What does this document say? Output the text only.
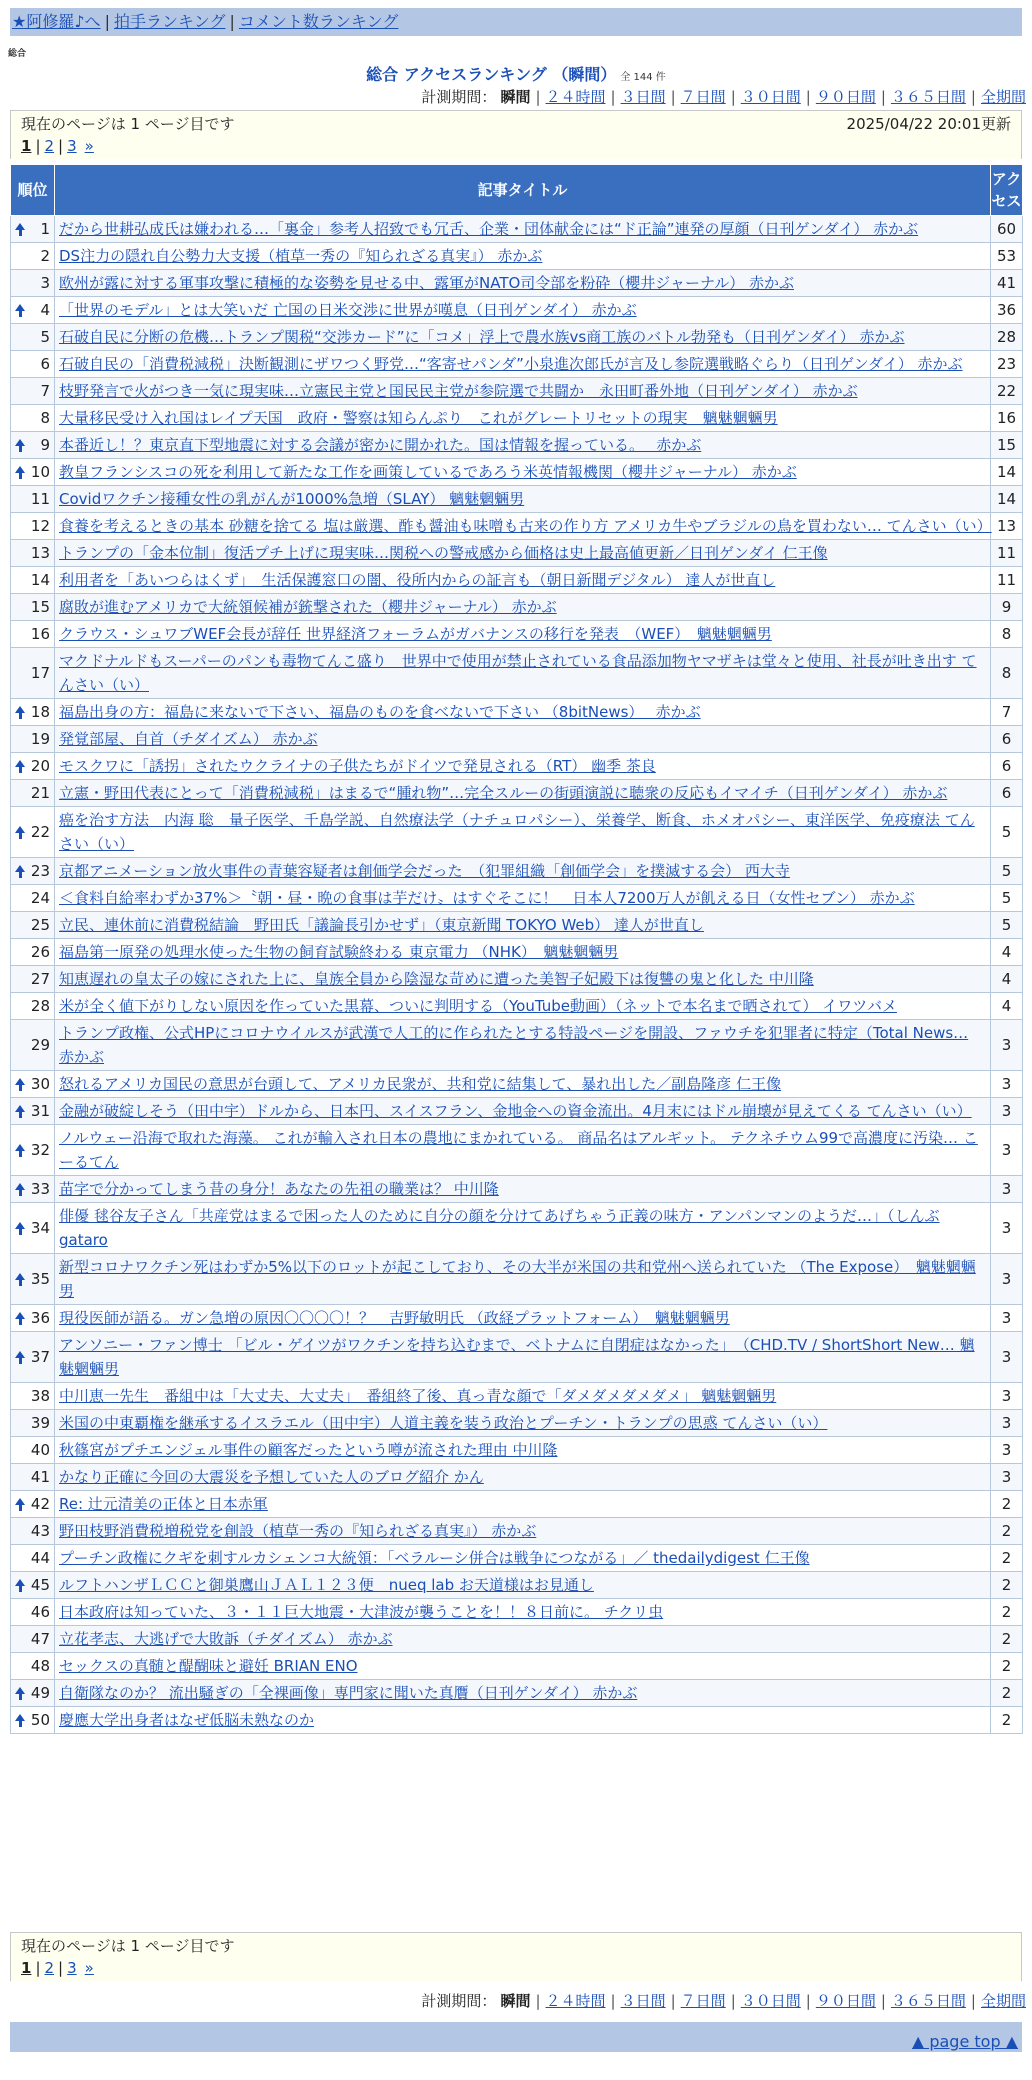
★阿修羅♪へ | 拍手ランキング | コメント数ランキング
総合
総合 アクセスランキング （瞬間） 全 144 件
計測期間： 瞬間 | ２４時間 | ３日間 | ７日間 | ３０日間 | ９０日間 | ３６５日間 | 全期間
現在のページは 1 ページ目です	2025/04/22 20:01更新
1 | 2 | 3 »
順位	記事タイトル	アクセス

1	だから世耕弘成氏は嫌われる…「裏金」参考人招致でも冗舌、企業・団体献金には“ド正論”連発の厚顔（日刊ゲンダイ） 赤かぶ	60
2	DS注力の隠れ自公勢力大支援（植草一秀の『知られざる真実』） 赤かぶ	53
3	欧州が露に対する軍事攻撃に積極的な姿勢を見せる中、露軍がNATO司令部を粉砕（櫻井ジャーナル） 赤かぶ	41

4	「世界のモデル」とは大笑いだ 亡国の日米交渉に世界が嘆息（日刊ゲンダイ） 赤かぶ	36
5	石破自民に分断の危機…トランプ関税“交渉カード”に「コメ」浮上で農水族vs商工族のバトル勃発も（日刊ゲンダイ） 赤かぶ	28
6	石破自民の「消費税減税」決断観測にザワつく野党…“客寄せパンダ”小泉進次郎氏が言及し参院選戦略ぐらり（日刊ゲンダイ） 赤かぶ	23
7	枝野発言で火がつき一気に現実味…立憲民主党と国民民主党が参院選で共闘か　永田町番外地（日刊ゲンダイ） 赤かぶ	22
8	大量移民受け入れ国はレイプ天国　政府・警察は知らんぷり　これがグレートリセットの現実　魑魅魍魎男	16

9	本番近し！？東京直下型地震に対する会議が密かに開かれた。国は情報を握っている。　 赤かぶ	15

10	教皇フランシスコの死を利用して新たな工作を画策しているであろう米英情報機関（櫻井ジャーナル） 赤かぶ	14
11	Covidワクチン接種女性の乳がんが1000%急増（SLAY） 魑魅魍魎男	14
12	食養を考えるときの基本 砂糖を捨てる 塩は厳選、酢も醤油も味噌も古来の作り方 アメリカ牛やブラジルの鳥を買わない… てんさい（い）	13
13	トランプの「金本位制」復活プチ上げに現実味…関税への警戒感から価格は史上最高値更新／日刊ゲンダイ 仁王像	11
14	利用者を「あいつらはくず」　生活保護窓口の闇、役所内からの証言も（朝日新聞デジタル） 達人が世直し	11
15	腐敗が進むアメリカで大統領候補が銃撃された（櫻井ジャーナル） 赤かぶ	9
16	クラウス・シュワブWEF会長が辞任 世界経済フォーラムがガバナンスの移行を発表　（WEF）　魑魅魍魎男	8
17	マクドナルドもスーパーのパンも毒物てんこ盛り　世界中で使用が禁止されている食品添加物ヤマザキは堂々と使用、社長が吐き出す てんさい（い）	8

18	福島出身の方：福島に来ないで下さい、福島のものを食べないで下さい （8bitNews）　 赤かぶ	7
19	発覚部屋、自首（チダイズム） 赤かぶ	6

20	モスクワに「誘拐」されたウクライナの子供たちがドイツで発見される（RT） 幽季 茶良	6
21	立憲・野田代表にとって「消費税減税」はまるで“腫れ物”…完全スルーの街頭演説に聴衆の反応もイマイチ（日刊ゲンダイ） 赤かぶ	6

22	癌を治す方法　内海 聡　量子医学、千島学説、自然療法学（ナチュロパシー）、栄養学、断食、ホメオパシー、東洋医学、免疫療法 てんさい（い）	5

23	京都アニメーション放火事件の青葉容疑者は創価学会だった　（犯罪組織「創価学会」を撲滅する会） 西大寺	5
24	＜食料自給率わずか37%＞〝朝・昼・晩の食事は芋だけ〟はすぐそこに！　日本人7200万人が飢える日（女性セブン） 赤かぶ	5
25	立民、連休前に消費税結論　野田氏「議論長引かせず」（東京新聞 TOKYO Web） 達人が世直し	5
26	福島第一原発の処理水使った生物の飼育試験終わる 東京電力 （NHK）　魑魅魍魎男	4
27	知恵遅れの皇太子の嫁にされた上に、皇族全員から陰湿な苛めに遭った美智子妃殿下は復讐の鬼と化した 中川隆	4
28	米が全く値下がりしない原因を作っていた黒幕、ついに判明する（YouTube動画）（ネットで本名まで晒されて） イワツバメ	4
29	トランプ政権、公式HPにコロナウイルスが武漢で人工的に作られたとする特設ページを開設、ファウチを犯罪者に特定（Total News… 赤かぶ	3

30	怒れるアメリカ国民の意思が台頭して、アメリカ民衆が、共和党に結集して、暴れ出した／副島隆彦 仁王像	3

31	金融が破綻しそう（田中宇）ドルから、日本円、スイスフラン、金地金への資金流出。4月末にはドル崩壊が見えてくる てんさい（い）	3

32	ノルウェー沿海で取れた海藻。 これが輸入され日本の農地にまかれている。 商品名はアルギット。 テクネチウム99で高濃度に汚染… こーるてん	3

33	苗字で分かってしまう昔の身分！あなたの先祖の職業は？ 中川隆	3

34	俳優 毬谷友子さん「共産党はまるで困った人のために自分の顔を分けてあげちゃう正義の味方・アンパンマンのようだ…」（しんぶ gataro	3

35	新型コロナワクチン死はわずか5%以下のロットが起こしており、その大半が米国の共和党州へ送られていた （The Expose）　魑魅魍魎男	3

36	現役医師が語る。ガン急増の原因〇〇〇〇！？　吉野敏明氏 （政経プラットフォーム）　魑魅魍魎男	3

37	アンソニー・ファン博士 「ビル・ゲイツがワクチンを持ち込むまで、ベトナムに自閉症はなかった」　（CHD.TV / ShortShort New… 魑魅魍魎男	3
38	中川恵一先生　番組中は「大丈夫、大丈夫」　番組終了後、真っ青な顔で「ダメダメダメダメ」 魑魅魍魎男	3
39	米国の中東覇権を継承するイスラエル（田中宇）人道主義を装う政治とプーチン・トランプの思惑 てんさい（い）	3
40	秋篠宮がプチエンジェル事件の顧客だったという噂が流された理由 中川隆	3
41	かなり正確に今回の大震災を予想していた人のブログ紹介 かん	3

42	Re: 辻元清美の正体と日本赤軍	2
43	野田枝野消費税増税党を創設（植草一秀の『知られざる真実』） 赤かぶ	2
44	プーチン政権にクギを刺すルカシェンコ大統領：「ベラルーシ併合は戦争につながる」／ thedailydigest 仁王像	2

45	ルフトハンザＬＣＣと御巣鷹山ＪＡＬ１２３便　nueq lab お天道様はお見通し	2
46	日本政府は知っていた、３・１１巨大地震・大津波が襲うことを！！８日前に。 チクリ虫	2
47	立花孝志、大逃げで大敗訴（チダイズム） 赤かぶ	2
48	セックスの真髄と醍醐味と避妊 BRIAN ENO	2

49	自衛隊なのか？ 流出騒ぎの「全裸画像」専門家に聞いた真贋（日刊ゲンダイ） 赤かぶ	2

50	慶應大学出身者はなぜ低脳未熟なのか	2
現在のページは 1 ページ目です
1 | 2 | 3 »
計測期間： 瞬間 | ２４時間 | ３日間 | ７日間 | ３０日間 | ９０日間 | ３６５日間 | 全期間
▲ page top ▲
